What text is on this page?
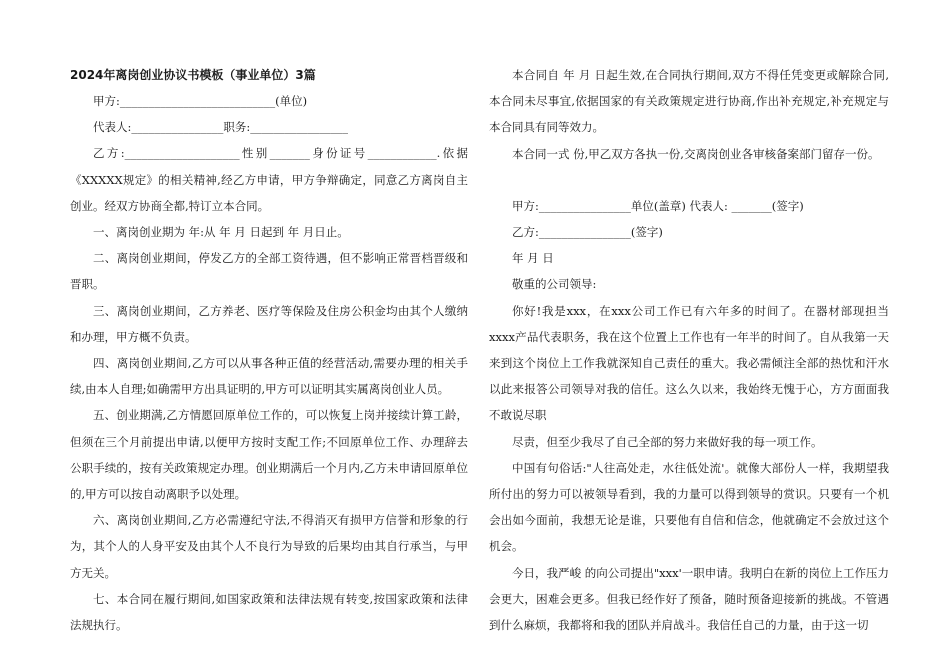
2024年离岗创业协议书模板（事业单位）3篇

甲方:___________________________(单位)

代表人:________________职务:_________________

乙方:____________________性别_______身份证号____________.依据《XXXXX规定》的相关精神,经乙方申请，甲方争辩确定，同意乙方离岗自主创业。经双方协商全都,特订立本合同。

一、离岗创业期为 年:从 年 月 日起到 年 月日止。

二、离岗创业期间，停发乙方的全部工资待遇，但不影响正常晋档晋级和晋职。

三、离岗创业期间，乙方养老、医疗等保险及住房公积金均由其个人缴纳和办理，甲方概不负责。

四、离岗创业期间,乙方可以从事各种正值的经营活动,需要办理的相关手续,由本人自理;如确需甲方出具证明的,甲方可以证明其实属离岗创业人员。

五、创业期满,乙方情愿回原单位工作的，可以恢复上岗并接续计算工龄，但须在三个月前提出申请,以便甲方按时支配工作;不回原单位工作、办理辞去公职手续的，按有关政策规定办理。创业期满后一个月内,乙方未申请回原单位的,甲方可以按自动离职予以处理。

六、离岗创业期间,乙方必需遵纪守法,不得消灭有损甲方信誉和形象的行为，其个人的人身平安及由其个人不良行为导致的后果均由其自行承当，与甲方无关。

七、本合同在履行期间,如国家政策和法律法规有转变,按国家政策和法律法规执行。

本合同自 年 月 日起生效,在合同执行期间,双方不得任凭变更或解除合同,本合同未尽事宜,依据国家的有关政策规定进行协商,作出补充规定,补充规定与本合同具有同等效力。

本合同一式 份,甲乙双方各执一份,交离岗创业各审核备案部门留存一份。

甲方:________________单位(盖章) 代表人: _______(签字)

乙方:________________(签字)

年 月 日

敬重的公司领导:

你好!我是xxx，在xxx公司工作已有六年多的时间了。在器材部现担当xxxx产品代表职务，我在这个位置上工作也有一年半的时间了。自从我第一天来到这个岗位上工作我就深知自己责任的重大。我必需倾注全部的热忱和汗水以此来报答公司领导对我的信任。这么久以来，我始终无愧于心，方方面面我不敢说尽职

尽责，但至少我尽了自己全部的努力来做好我的每一项工作。

中国有句俗话:"人往高处走，水往低处流'。就像大部份人一样，我期望我所付出的努力可以被领导看到，我的力量可以得到领导的赏识。只要有一个机会出如今面前，我想无论是谁，只要他有自信和信念，他就确定不会放过这个机会。

今日，我严峻 的向公司提出"xxx'一职申请。我明白在新的岗位上工作压力会更大，困难会更多。但我已经作好了预备，随时预备迎接新的挑战。不管遇到什么麻烦，我都将和我的团队并肩战斗。我信任自己的力量，由于这一切
